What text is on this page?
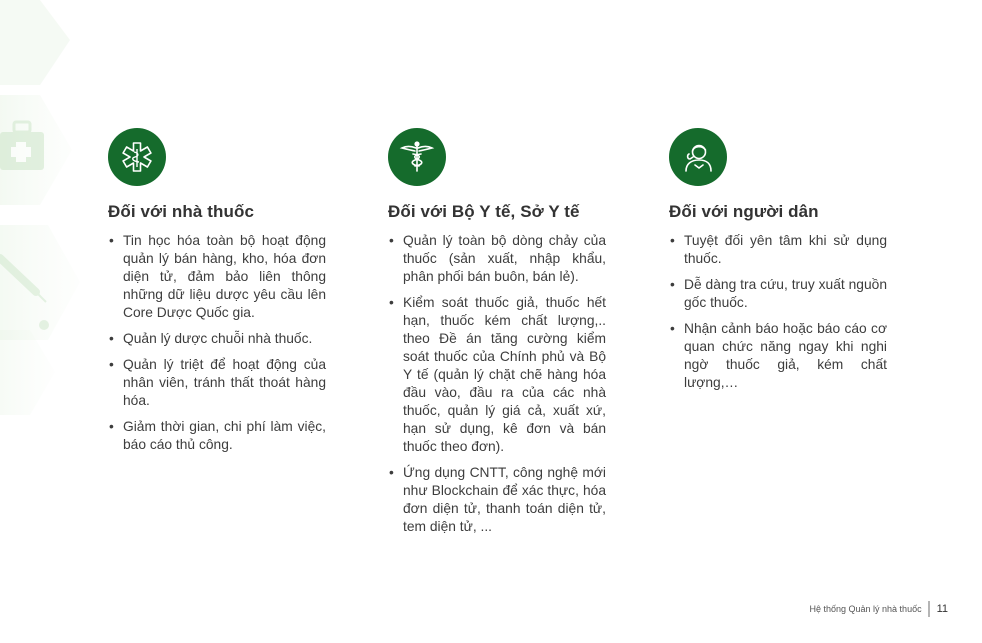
Đối với nhà thuốc
• Tin học hóa toàn bộ hoạt động quản lý bán hàng, kho, hóa đơn diện tử, đảm bảo liên thông những dữ liệu dược yêu cầu lên Core Dược Quốc gia.
• Quản lý dược chuỗi nhà thuốc.
• Quản lý triệt để hoạt động của nhân viên, tránh thất thoát hàng hóa.
• Giảm thời gian, chi phí làm việc, báo cáo thủ công.
Đối với Bộ Y tế, Sở Y tế
• Quản lý toàn bộ dòng chảy của thuốc (sản xuất, nhập khẩu, phân phối bán buôn, bán lẻ).
• Kiểm soát thuốc giả, thuốc hết hạn, thuốc kém chất lượng,.. theo Đề án tăng cường kiểm soát thuốc của Chính phủ và Bộ Y tế (quản lý chặt chẽ hàng hóa đầu vào, đầu ra của các nhà thuốc, quản lý giá cả, xuất xứ, hạn sử dụng, kê đơn và bán thuốc theo đơn).
• Ứng dụng CNTT, công nghệ mới như Blockchain để xác thực, hóa đơn diện tử, thanh toán diện tử, tem diện tử, ...
Đối với người dân
• Tuyệt đối yên tâm khi sử dụng thuốc.
• Dễ dàng tra cứu, truy xuất nguồn gốc thuốc.
• Nhận cảnh báo hoặc báo cáo cơ quan chức năng ngay khi nghi ngờ thuốc giả, kém chất lượng,…
Hệ thống Quản lý nhà thuốc 11
